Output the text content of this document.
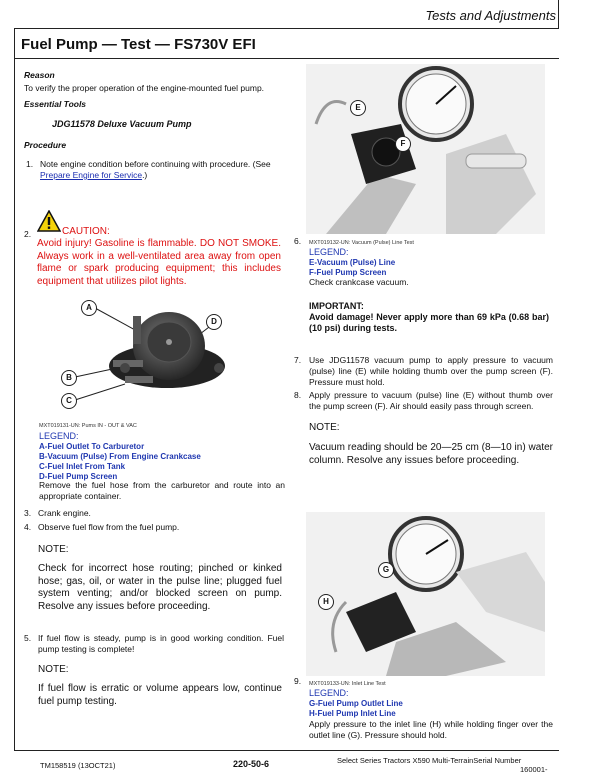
Tests and Adjustments
Fuel Pump — Test — FS730V EFI
Reason
To verify the proper operation of the engine-mounted fuel pump.
Essential Tools
JDG11578 Deluxe Vacuum Pump
Procedure
1. Note engine condition before continuing with procedure. (See Prepare Engine for Service.)
2.	CAUTION:
Avoid injury! Gasoline is flammable. DO NOT SMOKE. Always work in a well-ventilated area away from open flame or spark producing equipment; this includes equipment that utilizes pilot lights.
A
B
C
D
MXT019131-UN: Pums IN - OUT & VAC
LEGEND:
A-Fuel Outlet To Carburetor
B-Vacuum (Pulse) From Engine Crankcase
C-Fuel Inlet From Tank
D-Fuel Pump Screen
Remove the fuel hose from the carburetor and route into an appropriate container.
3. Crank engine.
4. Observe fuel flow from the fuel pump.
NOTE:
Check for incorrect hose routing; pinched or kinked hose; gas, oil, or water in the pulse line; plugged fuel system venting; and/or blocked screen on pump. Resolve any issues before proceeding.
5. If fuel flow is steady, pump is in good working condition. Fuel pump testing is complete!
NOTE:
If fuel flow is erratic or volume appears low, continue fuel pump testing.
E
F
6. MXT019132-UN: Vacuum (Pulse) Line Test
LEGEND:
E-Vacuum (Pulse) Line
F-Fuel Pump Screen
Check crankcase vacuum.
IMPORTANT:
Avoid damage! Never apply more than 69 kPa (0.68 bar) (10 psi) during tests.
7. Use JDG11578 vacuum pump to apply pressure to vacuum (pulse) line (E) while holding thumb over the pump screen (F). Pressure must hold.
8. Apply pressure to vacuum (pulse) line (E) without thumb over the pump screen (F). Air should easily pass through screen.
NOTE:
Vacuum reading should be 20—25 cm (8—10 in) water column. Resolve any issues before proceeding.
G
H
9. MXT019133-UN: Inlet Line Test
LEGEND:
G-Fuel Pump Outlet Line
H-Fuel Pump Inlet Line
Apply pressure to the inlet line (H) while holding finger over the outlet line (G). Pressure should hold.
TM158519 (13OCT21)	220-50-6	Select Series Tractors X590 Multi-TerrainSerial Number
160001-
